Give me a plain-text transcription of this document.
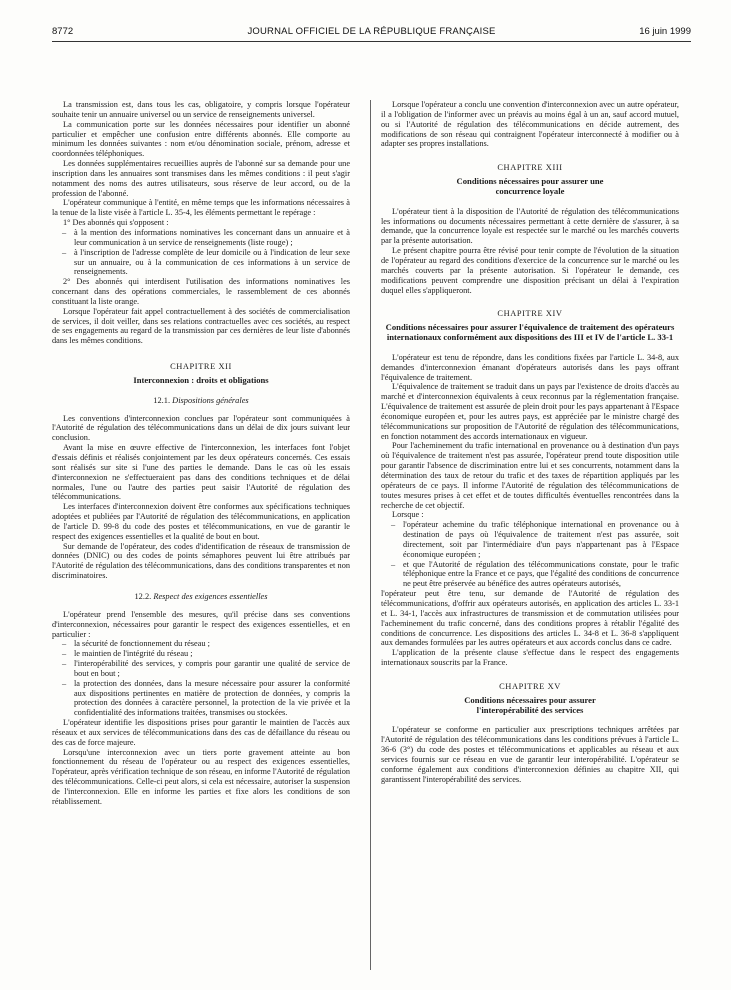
8772	JOURNAL OFFICIEL DE LA RÉPUBLIQUE FRANÇAISE	16 juin 1999

La transmission est, dans tous les cas, obligatoire, y compris lorsque l'opérateur souhaite tenir un annuaire universel ou un service de renseignements universel.

La communication porte sur les données nécessaires pour identifier un abonné particulier et empêcher une confusion entre différents abonnés. Elle comporte au minimum les données suivantes : nom et/ou dénomination sociale, prénom, adresse et coordonnées téléphoniques.

Les données supplémentaires recueillies auprès de l'abonné sur sa demande pour une inscription dans les annuaires sont transmises dans les mêmes conditions : il peut s'agir notamment des noms des autres utilisateurs, sous réserve de leur accord, ou de la profession de l'abonné.

L'opérateur communique à l'entité, en même temps que les informations nécessaires à la tenue de la liste visée à l'article L. 35-4, les éléments permettant le repérage :

1° Des abonnés qui s'opposent :

– à la mention des informations nominatives les concernant dans un annuaire et à leur communication à un service de renseignements (liste rouge) ;
– à l'inscription de l'adresse complète de leur domicile ou à l'indication de leur sexe sur un annuaire, ou à la communication de ces informations à un service de renseignements.

2° Des abonnés qui interdisent l'utilisation des informations nominatives les concernant dans des opérations commerciales, le rassemblement de ces abonnés constituant la liste orange.

Lorsque l'opérateur fait appel contractuellement à des sociétés de commercialisation de services, il doit veiller, dans ses relations contractuelles avec ces sociétés, au respect de ses engagements au regard de la transmission par ces dernières de leur liste d'abonnés dans les mêmes conditions.

CHAPITRE XII
Interconnexion : droits et obligations
12.1. Dispositions générales

Les conventions d'interconnexion conclues par l'opérateur sont communiquées à l'Autorité de régulation des télécommunications dans un délai de dix jours suivant leur conclusion.

Avant la mise en œuvre effective de l'interconnexion, les interfaces font l'objet d'essais définis et réalisés conjointement par les deux opérateurs concernés. Ces essais sont réalisés sur site si l'une des parties le demande. Dans le cas où les essais d'interconnexion ne s'effectueraient pas dans des conditions techniques et de délai normales, l'une ou l'autre des parties peut saisir l'Autorité de régulation des télécommunications.

Les interfaces d'interconnexion doivent être conformes aux spécifications techniques adoptées et publiées par l'Autorité de régulation des télécommunications, en application de l'article D. 99-8 du code des postes et télécommunications, en vue de garantir le respect des exigences essentielles et la qualité de bout en bout.

Sur demande de l'opérateur, des codes d'identification de réseaux de transmission de données (DNIC) ou des codes de points sémaphores peuvent lui être attribués par l'Autorité de régulation des télécommunications, dans des conditions transparentes et non discriminatoires.

12.2. Respect des exigences essentielles

L'opérateur prend l'ensemble des mesures, qu'il précise dans ses conventions d'interconnexion, nécessaires pour garantir le respect des exigences essentielles, et en particulier :

– la sécurité de fonctionnement du réseau ;
– le maintien de l'intégrité du réseau ;
– l'interopérabilité des services, y compris pour garantir une qualité de service de bout en bout ;
– la protection des données, dans la mesure nécessaire pour assurer la conformité aux dispositions pertinentes en matière de protection de données, y compris la protection des données à caractère personnel, la protection de la vie privée et la confidentialité des informations traitées, transmises ou stockées.

L'opérateur identifie les dispositions prises pour garantir le maintien de l'accès aux réseaux et aux services de télécommunications dans des cas de défaillance du réseau ou des cas de force majeure.

Lorsqu'une interconnexion avec un tiers porte gravement atteinte au bon fonctionnement du réseau de l'opérateur ou au respect des exigences essentielles, l'opérateur, après vérification technique de son réseau, en informe l'Autorité de régulation des télécommunications. Celle-ci peut alors, si cela est nécessaire, autoriser la suspension de l'interconnexion. Elle en informe les parties et fixe alors les conditions de son rétablissement.

Lorsque l'opérateur a conclu une convention d'interconnexion avec un autre opérateur, il a l'obligation de l'informer avec un préavis au moins égal à un an, sauf accord mutuel, ou si l'Autorité de régulation des télécommunications en décide autrement, des modifications de son réseau qui contraignent l'opérateur interconnecté à modifier ou à adapter ses propres installations.

CHAPITRE XIII
Conditions nécessaires pour assurer une concurrence loyale

L'opérateur tient à la disposition de l'Autorité de régulation des télécommunications les informations ou documents nécessaires permettant à cette dernière de s'assurer, à sa demande, que la concurrence loyale est respectée sur le marché ou les marchés couverts par la présente autorisation.

Le présent chapitre pourra être révisé pour tenir compte de l'évolution de la situation de l'opérateur au regard des conditions d'exercice de la concurrence sur le marché ou les marchés couverts par la présente autorisation. Si l'opérateur le demande, ces modifications peuvent comprendre une disposition précisant un délai à l'expiration duquel elles s'appliqueront.

CHAPITRE XIV
Conditions nécessaires pour assurer l'équivalence de traitement des opérateurs internationaux conformément aux dispositions des III et IV de l'article L. 33-1

L'opérateur est tenu de répondre, dans les conditions fixées par l'article L. 34-8, aux demandes d'interconnexion émanant d'opérateurs autorisés dans les pays offrant l'équivalence de traitement.

L'équivalence de traitement se traduit dans un pays par l'existence de droits d'accès au marché et d'interconnexion équivalents à ceux reconnus par la réglementation française. L'équivalence de traitement est assurée de plein droit pour les pays appartenant à l'Espace économique européen et, pour les autres pays, est appréciée par le ministre chargé des télécommunications sur proposition de l'Autorité de régulation des télécommunications, en fonction notamment des accords internationaux en vigueur.

Pour l'acheminement du trafic international en provenance ou à destination d'un pays où l'équivalence de traitement n'est pas assurée, l'opérateur prend toute disposition utile pour garantir l'absence de discrimination entre lui et ses concurrents, notamment dans la détermination des taux de retour du trafic et des taxes de répartition appliqués par les opérateurs de ce pays. Il informe l'Autorité de régulation des télécommunications de toutes mesures prises à cet effet et de toutes difficultés éventuelles rencontrées dans la recherche de cet objectif.

Lorsque :

– l'opérateur achemine du trafic téléphonique international en provenance ou à destination de pays où l'équivalence de traitement n'est pas assurée, soit directement, soit par l'intermédiaire d'un pays n'appartenant pas à l'Espace économique européen ;
– et que l'Autorité de régulation des télécommunications constate, pour le trafic téléphonique entre la France et ce pays, que l'égalité des conditions de concurrence ne peut être préservée au bénéfice des autres opérateurs autorisés,

l'opérateur peut être tenu, sur demande de l'Autorité de régulation des télécommunications, d'offrir aux opérateurs autorisés, en application des articles L. 33-1 et L. 34-1, l'accès aux infrastructures de transmission et de commutation utilisées pour l'acheminement du trafic concerné, dans des conditions propres à rétablir l'égalité des conditions de concurrence. Les dispositions des articles L. 34-8 et L. 36-8 s'appliquent aux demandes formulées par les autres opérateurs et aux accords conclus dans ce cadre.

L'application de la présente clause s'effectue dans le respect des engagements internationaux souscrits par la France.

CHAPITRE XV
Conditions nécessaires pour assurer l'interopérabilité des services

L'opérateur se conforme en particulier aux prescriptions techniques arrêtées par l'Autorité de régulation des télécommunications dans les conditions prévues à l'article L. 36-6 (3°) du code des postes et télécommunications et applicables au réseau et aux services fournis sur ce réseau en vue de garantir leur interopérabilité. L'opérateur se conforme également aux conditions d'interconnexion définies au chapitre XII, qui garantissent l'interopérabilité des services.
